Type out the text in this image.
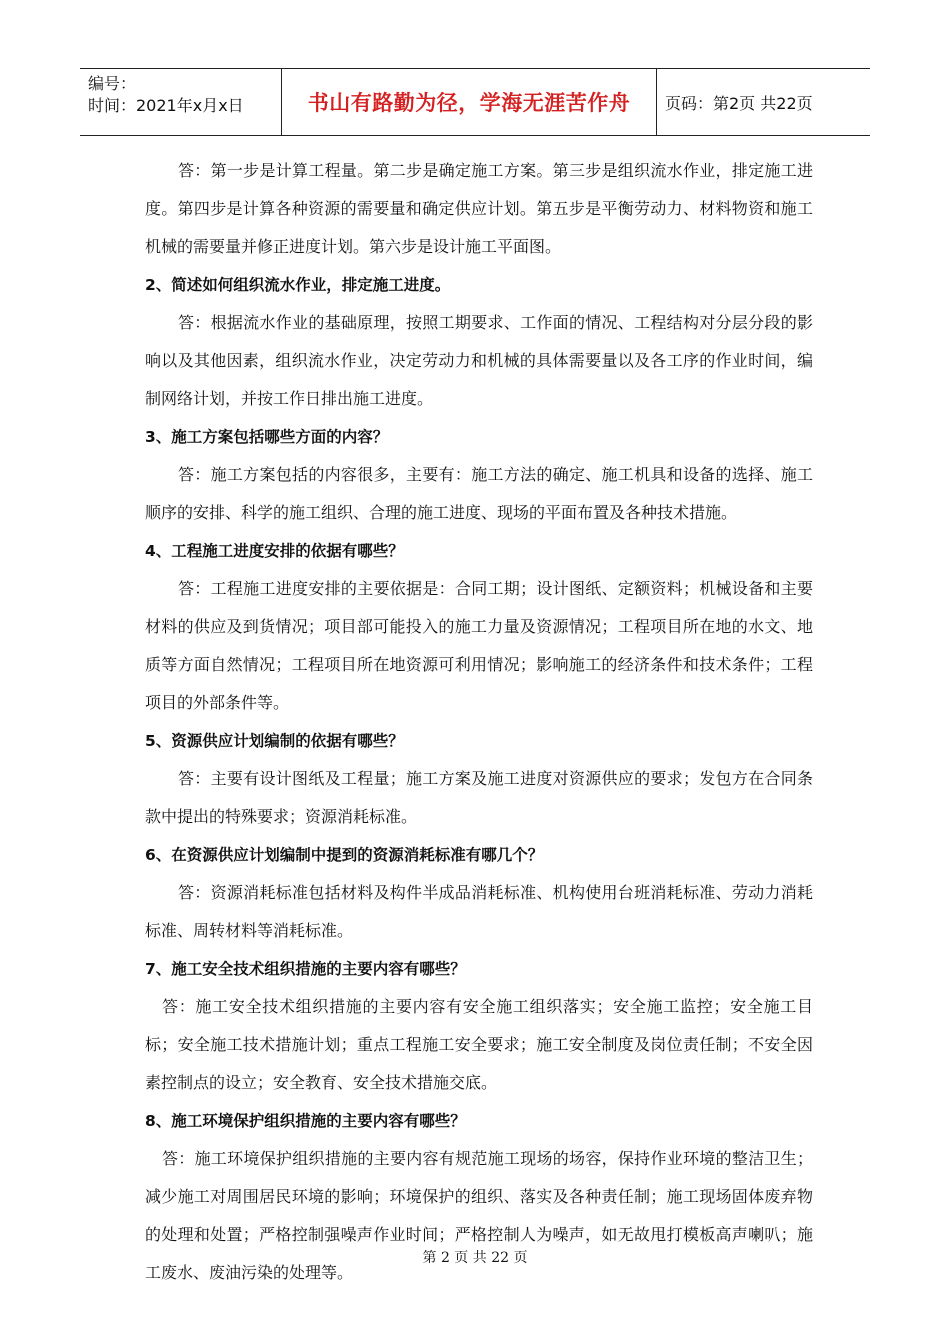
编号：
时间：2021年x月x日	书山有路勤为径，学海无涯苦作舟	页码：第2页 共22页

答：第一步是计算工程量。第二步是确定施工方案。第三步是组织流水作业，排定施工进度。第四步是计算各种资源的需要量和确定供应计划。第五步是平衡劳动力、材料物资和施工机械的需要量并修正进度计划。第六步是设计施工平面图。

2、简述如何组织流水作业，排定施工进度。

答：根据流水作业的基础原理，按照工期要求、工作面的情况、工程结构对分层分段的影响以及其他因素，组织流水作业，决定劳动力和机械的具体需要量以及各工序的作业时间，编制网络计划，并按工作日排出施工进度。

3、施工方案包括哪些方面的内容？

答：施工方案包括的内容很多，主要有：施工方法的确定、施工机具和设备的选择、施工顺序的安排、科学的施工组织、合理的施工进度、现场的平面布置及各种技术措施。

4、工程施工进度安排的依据有哪些？

答：工程施工进度安排的主要依据是：合同工期；设计图纸、定额资料；机械设备和主要材料的供应及到货情况；项目部可能投入的施工力量及资源情况；工程项目所在地的水文、地质等方面自然情况；工程项目所在地资源可利用情况；影响施工的经济条件和技术条件；工程项目的外部条件等。

5、资源供应计划编制的依据有哪些？

答：主要有设计图纸及工程量；施工方案及施工进度对资源供应的要求；发包方在合同条款中提出的特殊要求；资源消耗标准。

6、在资源供应计划编制中提到的资源消耗标准有哪几个？

答：资源消耗标准包括材料及构件半成品消耗标准、机构使用台班消耗标准、劳动力消耗标准、周转材料等消耗标准。

7、施工安全技术组织措施的主要内容有哪些？

答：施工安全技术组织措施的主要内容有安全施工组织落实；安全施工监控；安全施工目标；安全施工技术措施计划；重点工程施工安全要求；施工安全制度及岗位责任制；不安全因素控制点的设立；安全教育、安全技术措施交底。

8、施工环境保护组织措施的主要内容有哪些？

答：施工环境保护组织措施的主要内容有规范施工现场的场容，保持作业环境的整洁卫生；减少施工对周围居民环境的影响；环境保护的组织、落实及各种责任制；施工现场固体废弃物的处理和处置；严格控制强噪声作业时间；严格控制人为噪声，如无故甩打模板高声喇叭；施工废水、废油污染的处理等。

第 2 页 共 22 页
